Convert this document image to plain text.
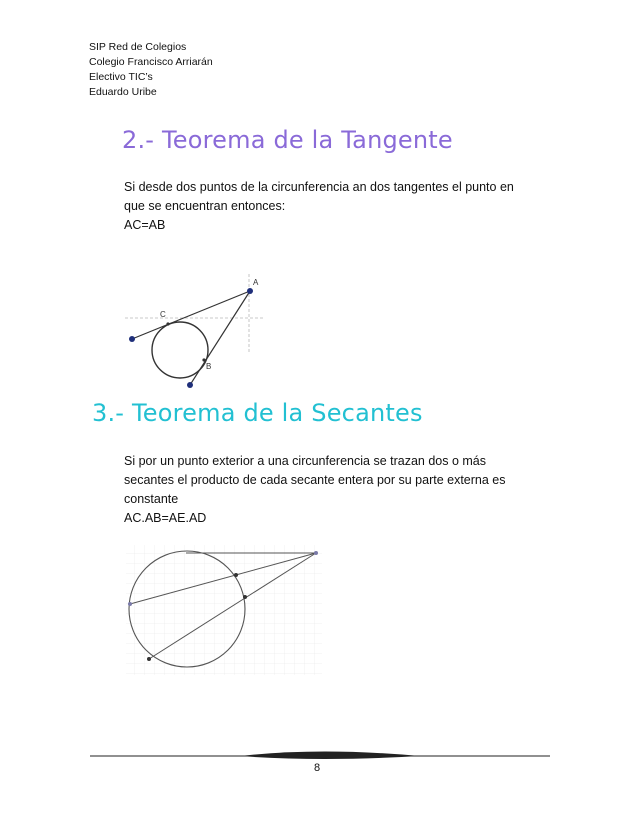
SIP Red de Colegios
Colegio Francisco Arriarán
Electivo TIC’s
Eduardo Uribe
2.- Teorema de la Tangente
Si desde dos puntos de la circunferencia an dos tangentes el punto en
que se encuentran entonces:
AC=AB
A
B
C
3.- Teorema de la Secantes
Si por un punto exterior a una circunferencia se trazan dos o más
secantes el producto de cada secante entera por su parte externa es
constante
AC.AB=AE.AD
8
